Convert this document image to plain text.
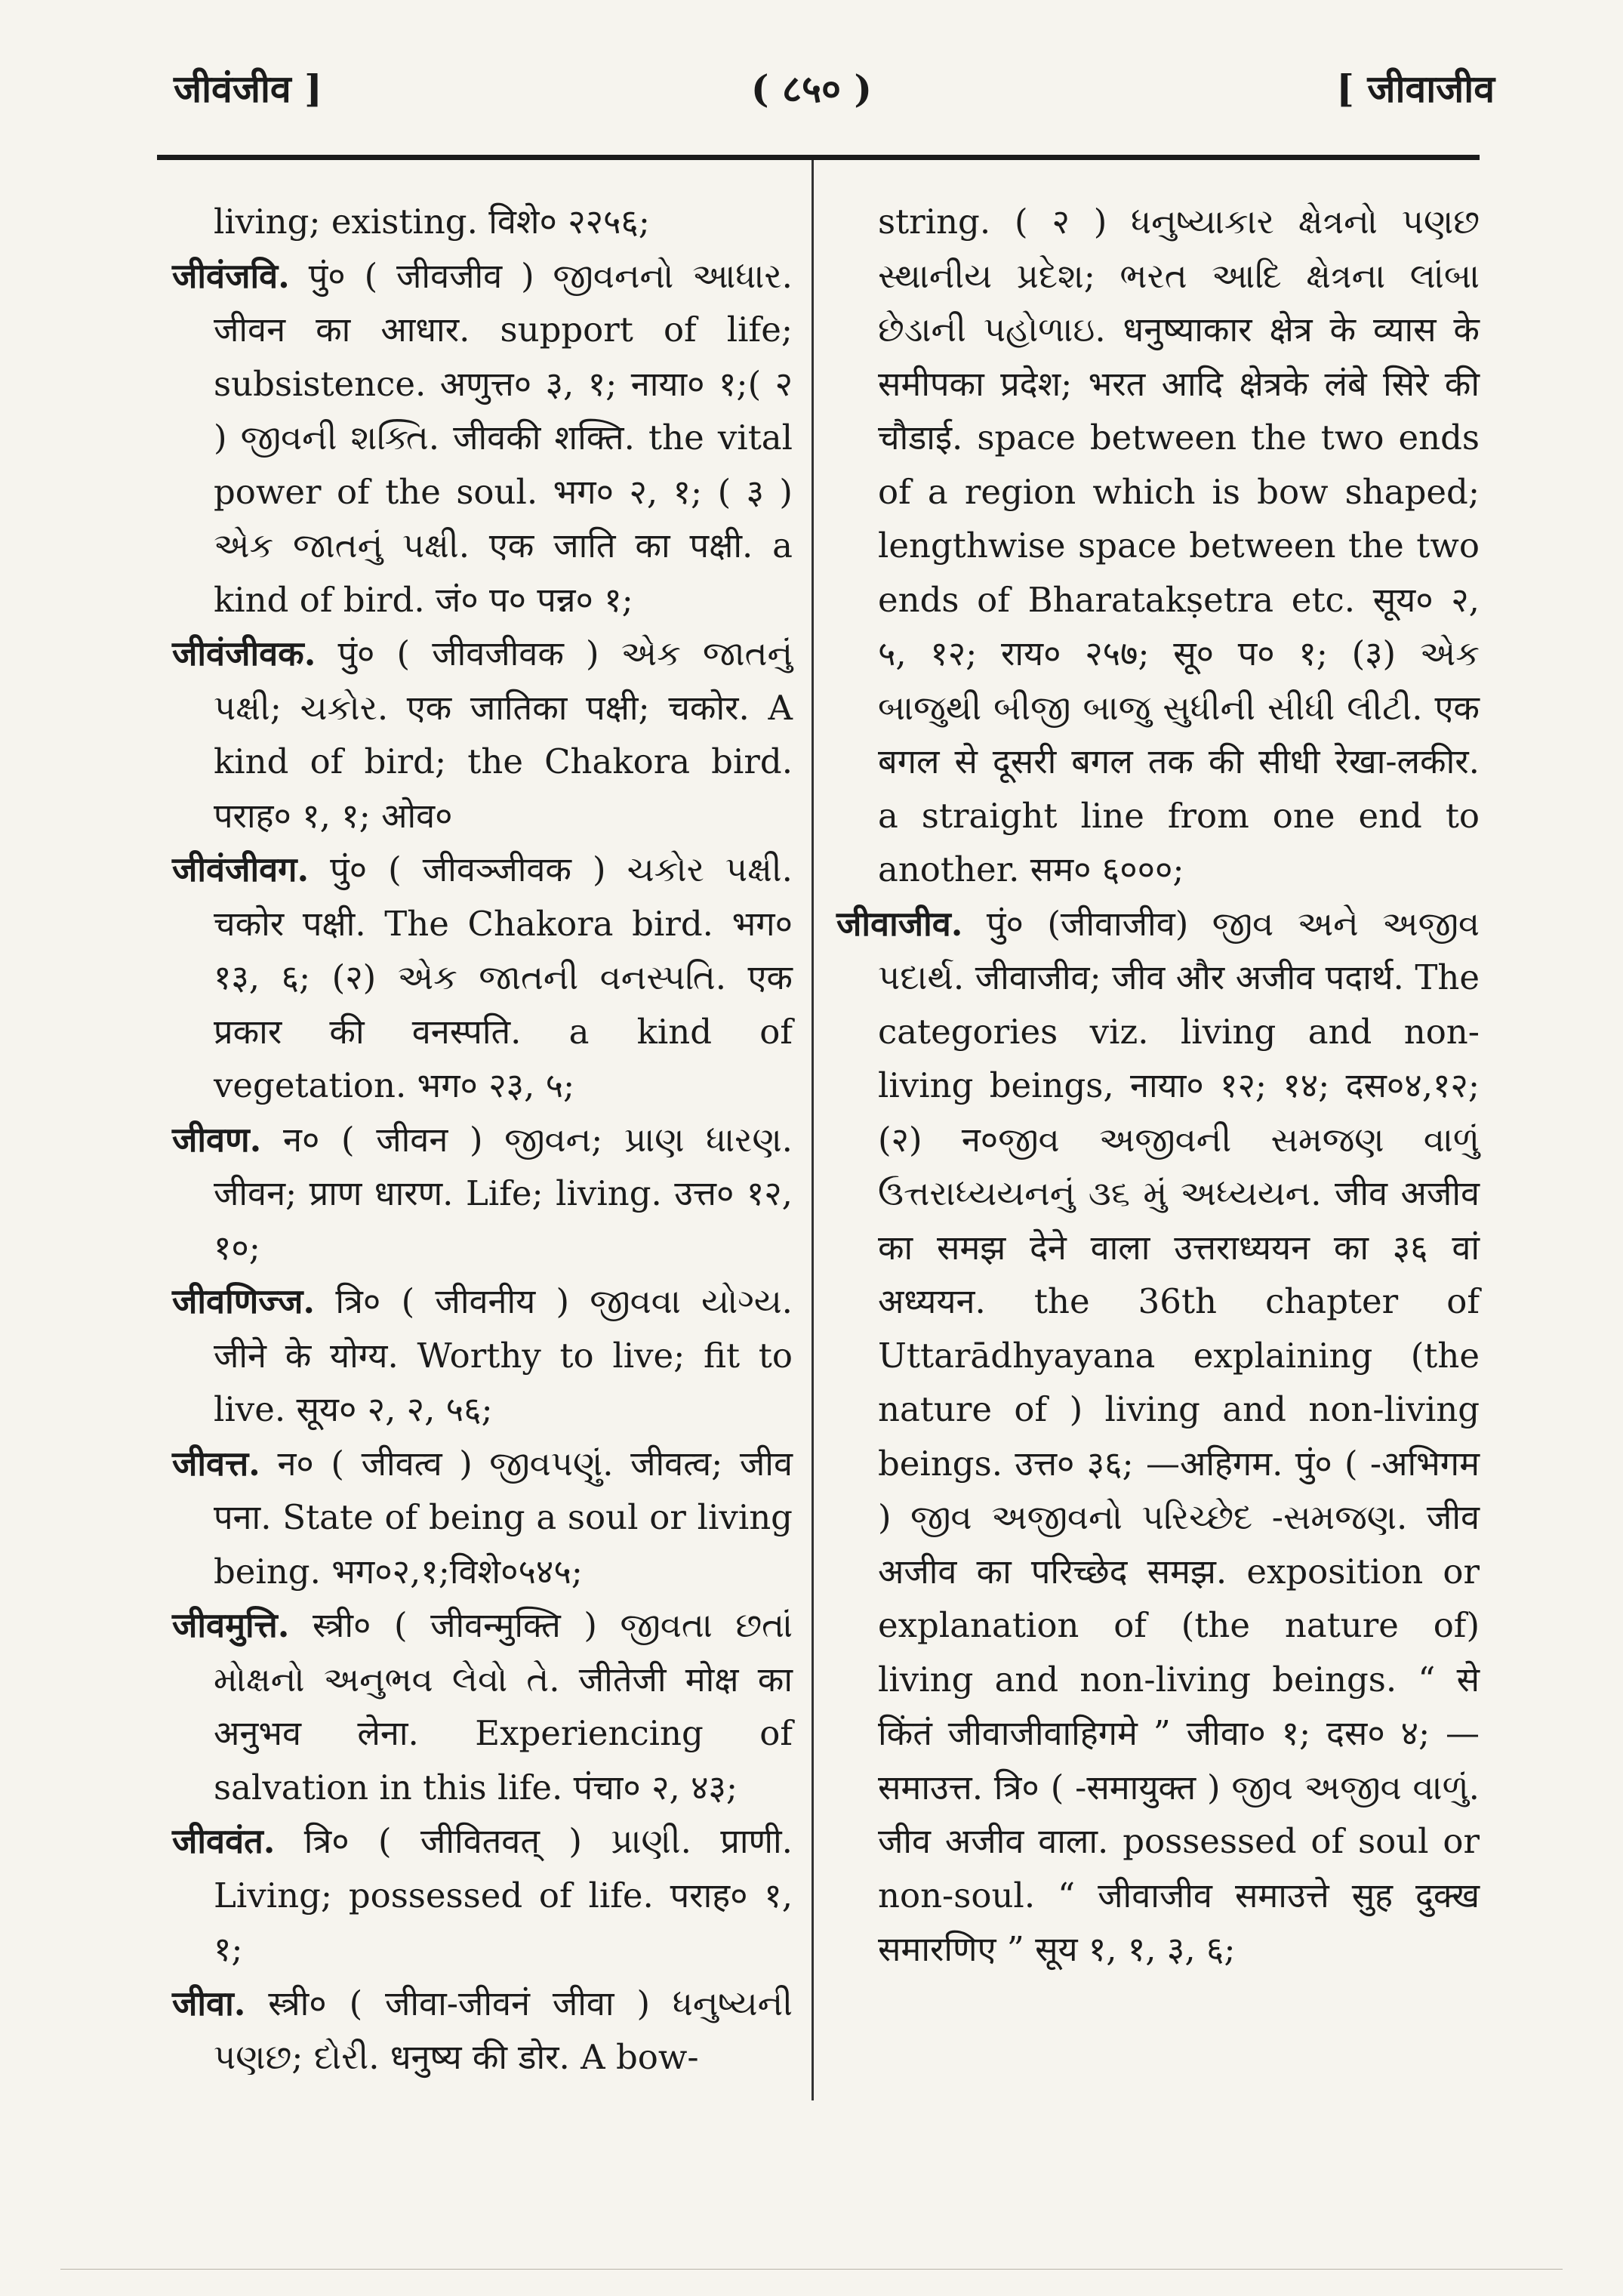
जीवंजीव ]	( ८५० )	[ जीवाजीव

living; existing. विशे० २२५६;

जीवंजवि. पुं० ( जीवजीव ) જીવનનો આધાર. जीवन का आधार. support of life; subsistence. अणुत्त० ३, १; नाया० १;( २ ) જીવની શક્તિ. जीवकी शक्ति. the vital power of the soul. भग० २, १; ( ३ ) એક જાતનું પક્ષી. एक जाति का पक्षी. a kind of bird. जं० प० पन्न० १;

जीवंजीवक. पुं० ( जीवजीवक ) એક જાતનું પક્ષી; ચકોર. एक जातिका पक्षी; चकोर. A kind of bird; the Chakora bird. पराह० १, १; ओव०

जीवंजीवग. पुं० ( जीवञ्जीवक ) ચકોર પક્ષી. चकोर पक्षी. The Chakora bird. भग० १३, ६; (२) એક જાતની વનસ્પતિ. एक प्रकार की वनस्पति. a kind of vegetation. भग० २३, ५;

जीवण. न० ( जीवन ) જીવન; પ્રાણ ધારણ. जीवन; प्राण धारण. Life; living. उत्त० १२, १०;

जीवणिज्ज. त्रि० ( जीवनीय ) જીવવા યોગ્ય. जीने के योग्य. Worthy to live; fit to live. सूय० २, २, ५६;

जीवत्त. न० ( जीवत्व ) જીવપણું. जीवत्व; जीव पना. State of being a soul or living being. भग०२,१;विशे०५४५;

जीवमुत्ति. स्त्री० ( जीवन्मुक्ति ) જીવતા છતાં મોક્ષનો અનુભવ લેવો તે. जीतेजी मोक्ष का अनुभव लेना. Experiencing of salvation in this life. पंचा० २, ४३;

जीववंत. त्रि० ( जीवितवत् ) પ્રાણી. प्राणी. Living; possessed of life. पराह० १, १;

जीवा. स्त्री० ( जीवा-जीवनं जीवा ) ધનુષ્યની પણછ; દોરી. धनुष्य की डोर. A bow-

string. ( २ ) ધનુષ્યાકાર ક્ષેત્રનો પણછ સ્થાનીય પ્રદેશ; ભરત આદિ ક્ષેત્રના લાંબા છેડાની પહોળાઇ. धनुष्याकार क्षेत्र के व्यास के समीपका प्रदेश; भरत आदि क्षेत्रके लंबे सिरे की चौडाई. space between the two ends of a region which is bow shaped; lengthwise space between the two ends of Bharatakṣetra etc. सूय० २, ५, १२; राय० २५७; सू० प० १; (३) એક બાજુથી બીજી બાજુ સુધીની સીધી લીટી. एक बगल से दूसरी बगल तक की सीधी रेखा-लकीर. a straight line from one end to another. सम० ६०००;

जीवाजीव. पुं० (जीवाजीव) જીવ અને અજીવ પદાર્થ. जीवाजीव; जीव और अजीव पदार्थ. The categories viz. living and non-living beings, नाया० १२; १४; दस०४,१२; (२) न०જીવ અજીવની સમજણ વાળું ઉત્તરાધ્યયનનું ૩૬ મું અધ્યયન. जीव अजीव का समझ देने वाला उत्तराध्ययन का ३६ वां अध्ययन. the 36th chapter of Uttarādhyayana explaining (the nature of ) living and non-living beings. उत्त० ३६; —अहिगम. पुं० ( -अभिगम ) જીવ અજીવનો પરિચ્છેદ -સમજણ. जीव अजीव का परिच्छेद समझ. exposition or explanation of (the nature of) living and non-living beings. “ से किंतं जीवाजीवाहिगमे ” जीवा० १; दस० ४; —समाउत्त. त्रि० ( -समायुक्त ) જીવ અજીવ વાળું. जीव अजीव वाला. possessed of soul or non-soul. “ जीवाजीव समाउत्ते सुह दुक्ख समारणिए ” सूय १, १, ३, ६;
